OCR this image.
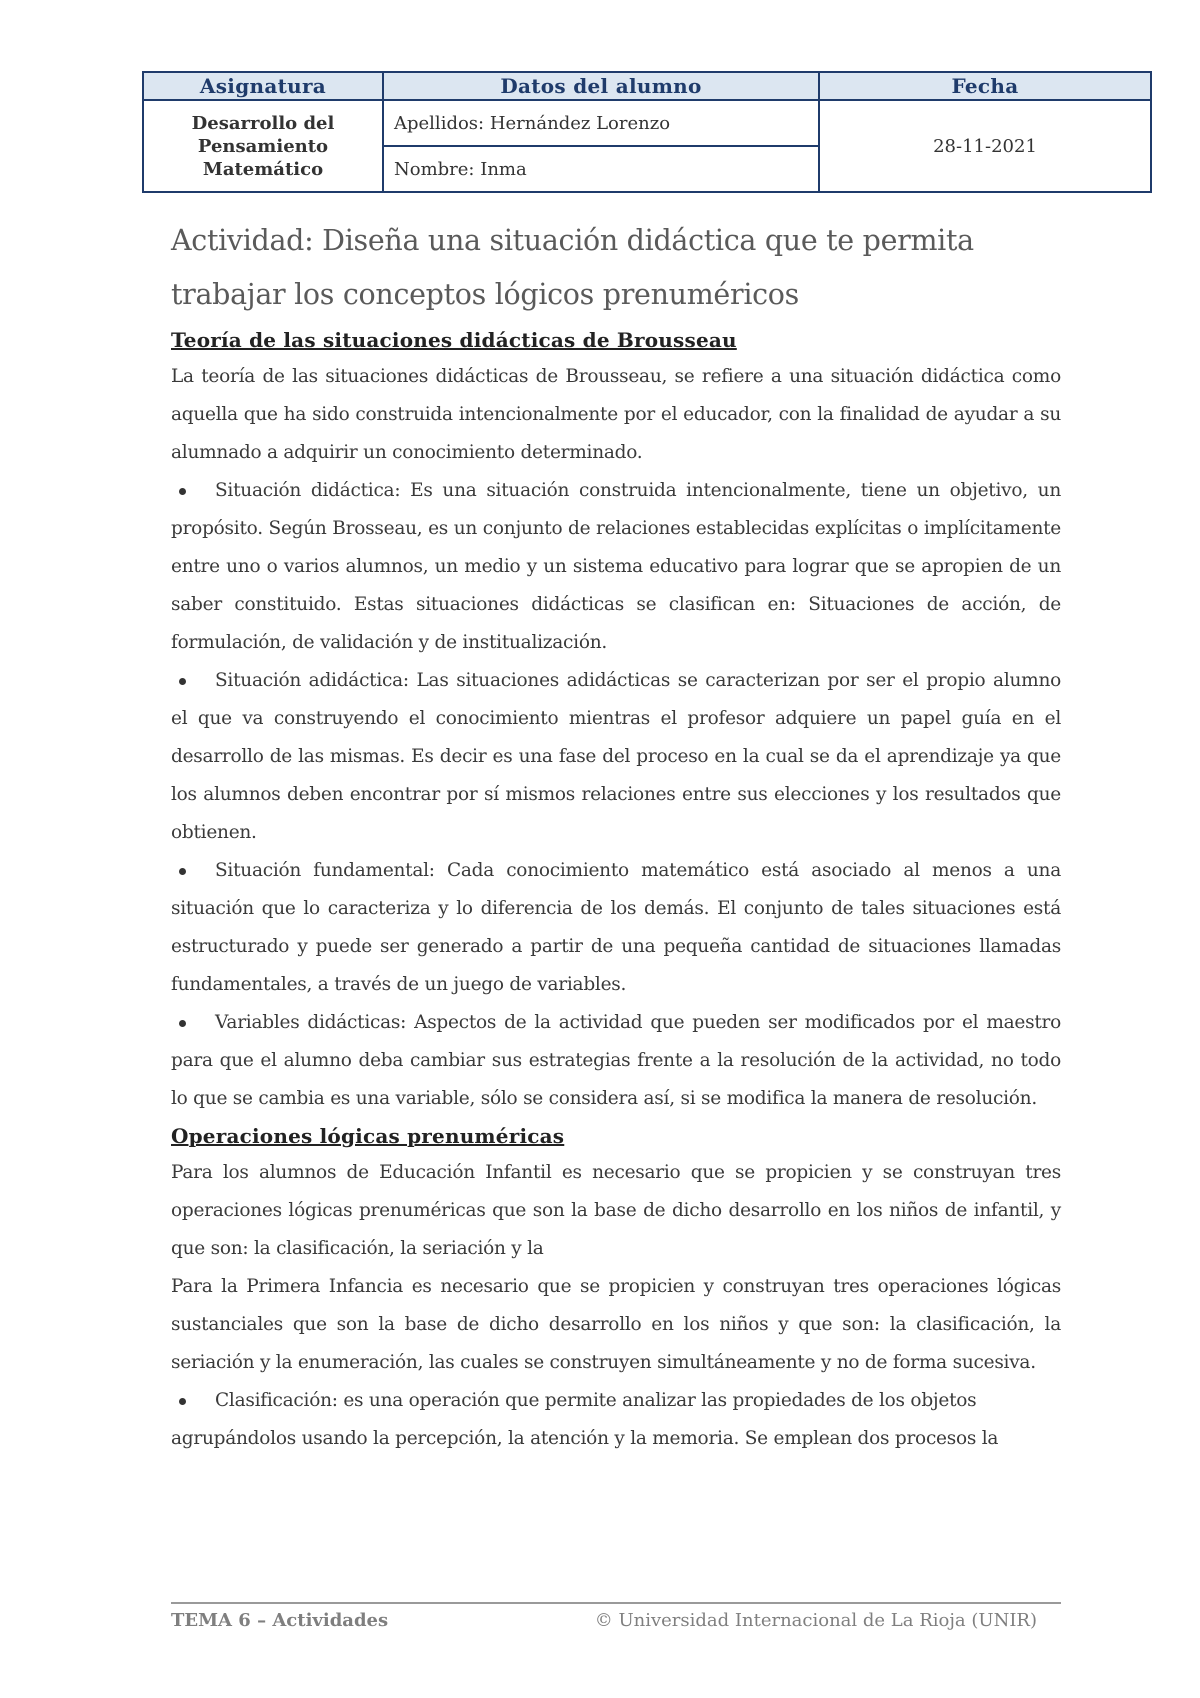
Asignatura	Datos del alumno	Fecha
Desarrollo del Pensamiento Matemático	Apellidos: Hernández Lorenzo	28-11-2021
	Nombre: Inma	
Actividad: Diseña una situación didáctica que te permita trabajar los conceptos lógicos prenuméricos
Teoría de las situaciones didácticas de Brousseau

La teoría de las situaciones didácticas de Brousseau, se refiere a una situación didáctica como aquella que ha sido construida intencionalmente por el educador, con la finalidad de ayudar a su alumnado a adquirir un conocimiento determinado.

Situación didáctica: Es una situación construida intencionalmente, tiene un objetivo, un propósito. Según Brosseau, es un conjunto de relaciones establecidas explícitas o implícitamente entre uno o varios alumnos, un medio y un sistema educativo para lograr que se apropien de un saber constituido. Estas situaciones didácticas se clasifican en: Situaciones de acción, de formulación, de validación y de institualización.

Situación adidáctica: Las situaciones adidácticas se caracterizan por ser el propio alumno el que va construyendo el conocimiento mientras el profesor adquiere un papel guía en el desarrollo de las mismas. Es decir es una fase del proceso en la cual se da el aprendizaje ya que los alumnos deben encontrar por sí mismos relaciones entre sus elecciones y los resultados que obtienen.

Situación fundamental: Cada conocimiento matemático está asociado al menos a una situación que lo caracteriza y lo diferencia de los demás. El conjunto de tales situaciones está estructurado y puede ser generado a partir de una pequeña cantidad de situaciones llamadas fundamentales, a través de un juego de variables.

Variables didácticas: Aspectos de la actividad que pueden ser modificados por el maestro para que el alumno deba cambiar sus estrategias frente a la resolución de la actividad, no todo lo que se cambia es una variable, sólo se considera así, si se modifica la manera de resolución.

Operaciones lógicas prenuméricas

Para los alumnos de Educación Infantil es necesario que se propicien y se construyan tres operaciones lógicas prenuméricas que son la base de dicho desarrollo en los niños de infantil, y que son: la clasificación, la seriación y la

Para la Primera Infancia es necesario que se propicien y construyan tres operaciones lógicas sustanciales que son la base de dicho desarrollo en los niños y que son: la clasificación, la seriación y la enumeración, las cuales se construyen simultáneamente y no de forma sucesiva.

Clasificación: es una operación que permite analizar las propiedades de los objetos agrupándolos usando la percepción, la atención y la memoria. Se emplean dos procesos la

TEMA 6 – Actividades	© Universidad Internacional de La Rioja (UNIR)
